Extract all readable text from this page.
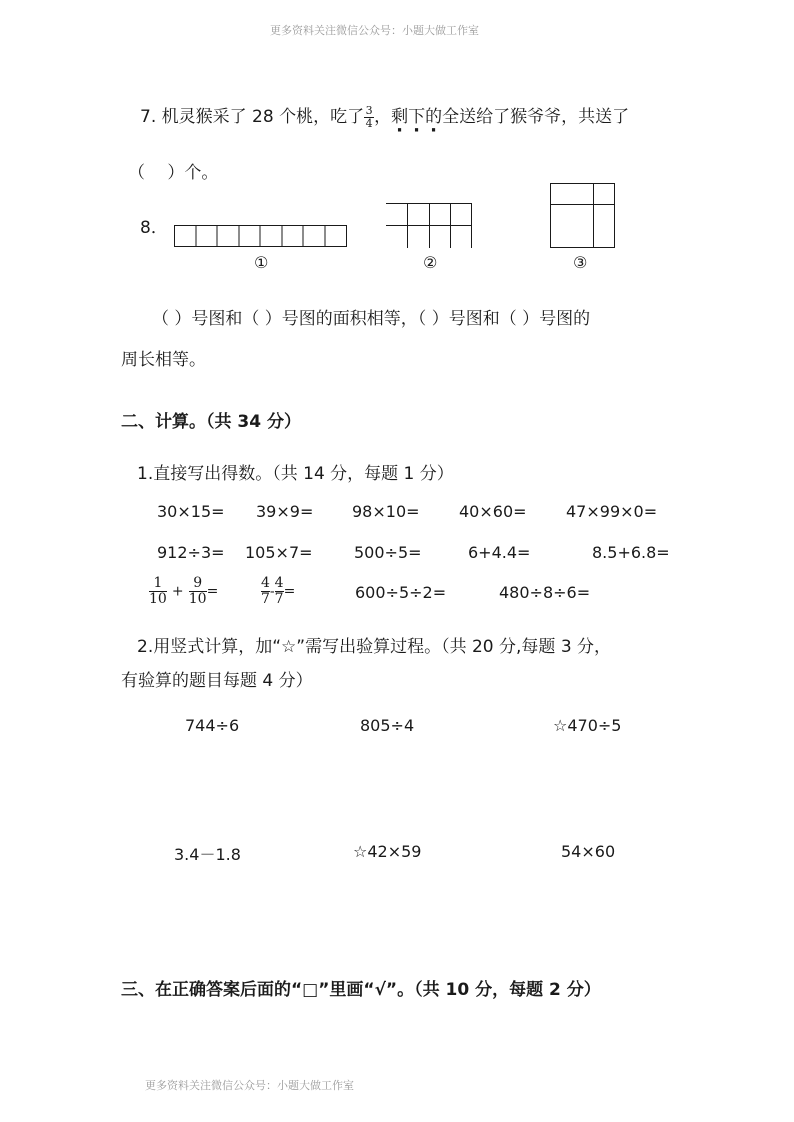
更多资料关注微信公众号：小题大做工作室
更多资料关注微信公众号：小题大做工作室
7. 机灵猴采了 28 个桃，吃了 $\frac{3}{4}$ ，剩下的全送给了猴爷爷，共送了
（　 ）个。
8．
①	②	③
（ ）号图和（ ）号图的面积相等，（ ）号图和（ ）号图的
周长相等。
二、计算。（共 34 分）
1.直接写出得数。（共 14 分，每题 1 分）
30×15= 39×9= 98×10= 40×60= 47×99×0=
912÷3= 105×7=	500÷5=	6+4.4=	8.5+6.8=
$\frac{1}{10} + \frac{9}{10}$ =	$\frac{4}{7} - \frac{4}{7}$ =	600÷5÷2=	480÷8÷6=
2.用竖式计算，加“☆”需写出验算过程。（共 20 分,每题 3 分，
有验算的题目每题 4 分）
744÷6	805÷4	☆470÷5
3.4－1.8	☆42×59	54×60
三、在正确答案后面的“□”里画“√”。（共 10 分，每题 2 分）
